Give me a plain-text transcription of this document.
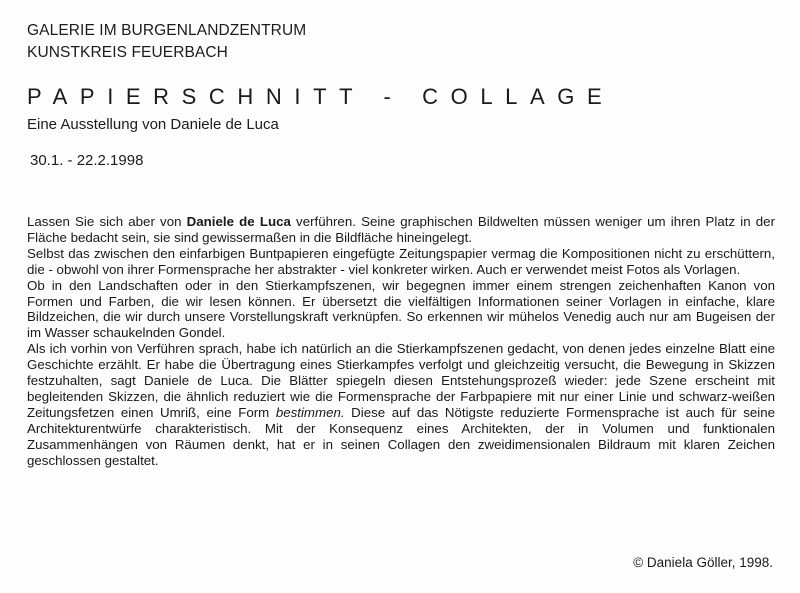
GALERIE IM BURGENLANDZENTRUM
KUNSTKREIS FEUERBACH
PAPIERSCHNITT - COLLAGE
Eine Ausstellung von Daniele de Luca
30.1. - 22.2.1998

Lassen Sie sich aber von Daniele de Luca verführen. Seine graphischen Bildwelten müssen weniger um ihren Platz in der Fläche bedacht sein, sie sind gewissermaßen in die Bildfläche hineingelegt.

Selbst das zwischen den einfarbigen Buntpapieren eingefügte Zeitungspapier vermag die Kompositionen nicht zu erschüttern, die - obwohl von ihrer Formensprache her abstrakter - viel konkreter wirken. Auch er verwendet meist Fotos als Vorlagen.

Ob in den Landschaften oder in den Stierkampfszenen, wir begegnen immer einem strengen zeichenhaften Kanon von Formen und Farben, die wir lesen können. Er übersetzt die vielfältigen Informationen seiner Vorlagen in einfache, klare Bildzeichen, die wir durch unsere Vorstellungskraft verknüpfen. So erkennen wir mühelos Venedig auch nur am Bugeisen der im Wasser schaukelnden Gondel.

Als ich vorhin von Verführen sprach, habe ich natürlich an die Stierkampfszenen gedacht, von denen jedes einzelne Blatt eine Geschichte erzählt. Er habe die Übertragung eines Stierkampfes verfolgt und gleichzeitig versucht, die Bewegung in Skizzen festzuhalten, sagt Daniele de Luca. Die Blätter spiegeln diesen Entstehungsprozeß wieder: jede Szene erscheint mit begleitenden Skizzen, die ähnlich reduziert wie die Formensprache der Farbpapiere mit nur einer Linie und schwarz-weißen Zeitungsfetzen einen Umriß, eine Form bestimmen. Diese auf das Nötigste reduzierte Formensprache ist auch für seine Architekturentwürfe charakteristisch. Mit der Konsequenz eines Architekten, der in Volumen und funktionalen Zusammenhängen von Räumen denkt, hat er in seinen Collagen den zweidimensionalen Bildraum mit klaren Zeichen geschlossen gestaltet.

© Daniela Göller, 1998.
